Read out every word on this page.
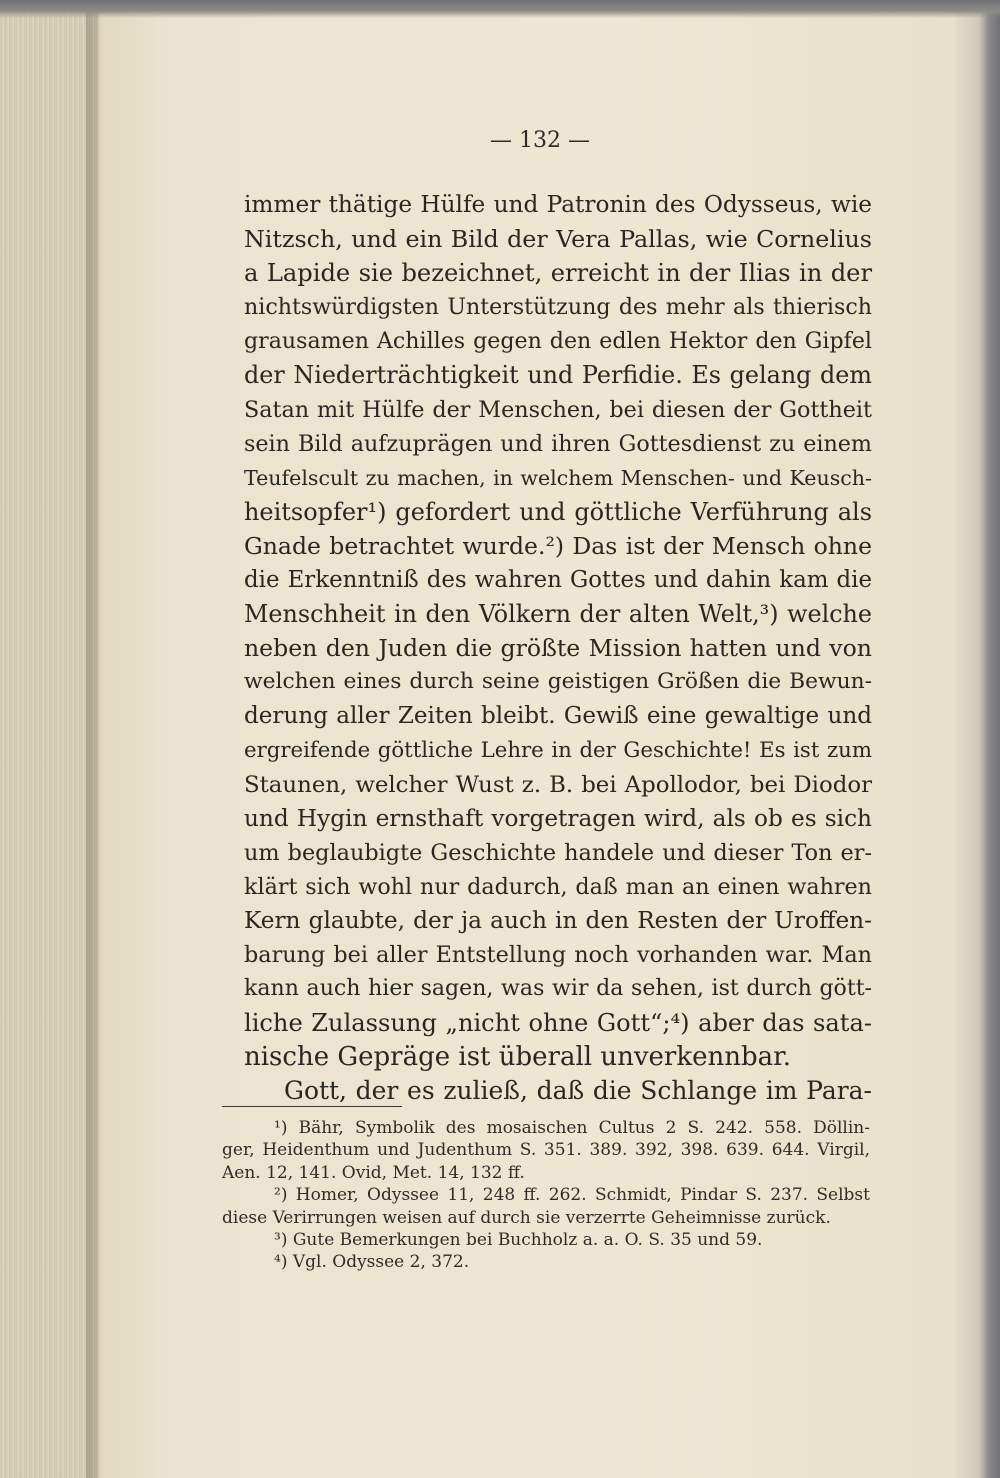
— 132 —
immer thätige Hülfe und Patronin des Odysseus, wie
Nitzsch, und ein Bild der Vera Pallas, wie Cornelius
a Lapide sie bezeichnet, erreicht in der Ilias in der
nichtswürdigsten Unterstützung des mehr als thierisch
grausamen Achilles gegen den edlen Hektor den Gipfel
der Niederträchtigkeit und Perfidie. Es gelang dem
Satan mit Hülfe der Menschen, bei diesen der Gottheit
sein Bild aufzuprägen und ihren Gottesdienst zu einem
Teufelscult zu machen, in welchem Menschen- und Keusch-
heitsopfer¹) gefordert und göttliche Verführung als
Gnade betrachtet wurde.²) Das ist der Mensch ohne
die Erkenntniß des wahren Gottes und dahin kam die
Menschheit in den Völkern der alten Welt,³) welche
neben den Juden die größte Mission hatten und von
welchen eines durch seine geistigen Größen die Bewun-
derung aller Zeiten bleibt. Gewiß eine gewaltige und
ergreifende göttliche Lehre in der Geschichte! Es ist zum
Staunen, welcher Wust z. B. bei Apollodor, bei Diodor
und Hygin ernsthaft vorgetragen wird, als ob es sich
um beglaubigte Geschichte handele und dieser Ton er-
klärt sich wohl nur dadurch, daß man an einen wahren
Kern glaubte, der ja auch in den Resten der Uroffen-
barung bei aller Entstellung noch vorhanden war. Man
kann auch hier sagen, was wir da sehen, ist durch gött-
liche Zulassung „nicht ohne Gott“;⁴) aber das sata-
nische Gepräge ist überall unverkennbar.
Gott, der es zuließ, daß die Schlange im Para-
¹) Bähr, Symbolik des mosaischen Cultus 2 S. 242. 558. Döllin-
ger, Heidenthum und Judenthum S. 351. 389. 392, 398. 639. 644. Virgil,
Aen. 12, 141. Ovid, Met. 14, 132 ff.
²) Homer, Odyssee 11, 248 ff. 262. Schmidt, Pindar S. 237. Selbst
diese Verirrungen weisen auf durch sie verzerrte Geheimnisse zurück.
³) Gute Bemerkungen bei Buchholz a. a. O. S. 35 und 59.
⁴) Vgl. Odyssee 2, 372.
